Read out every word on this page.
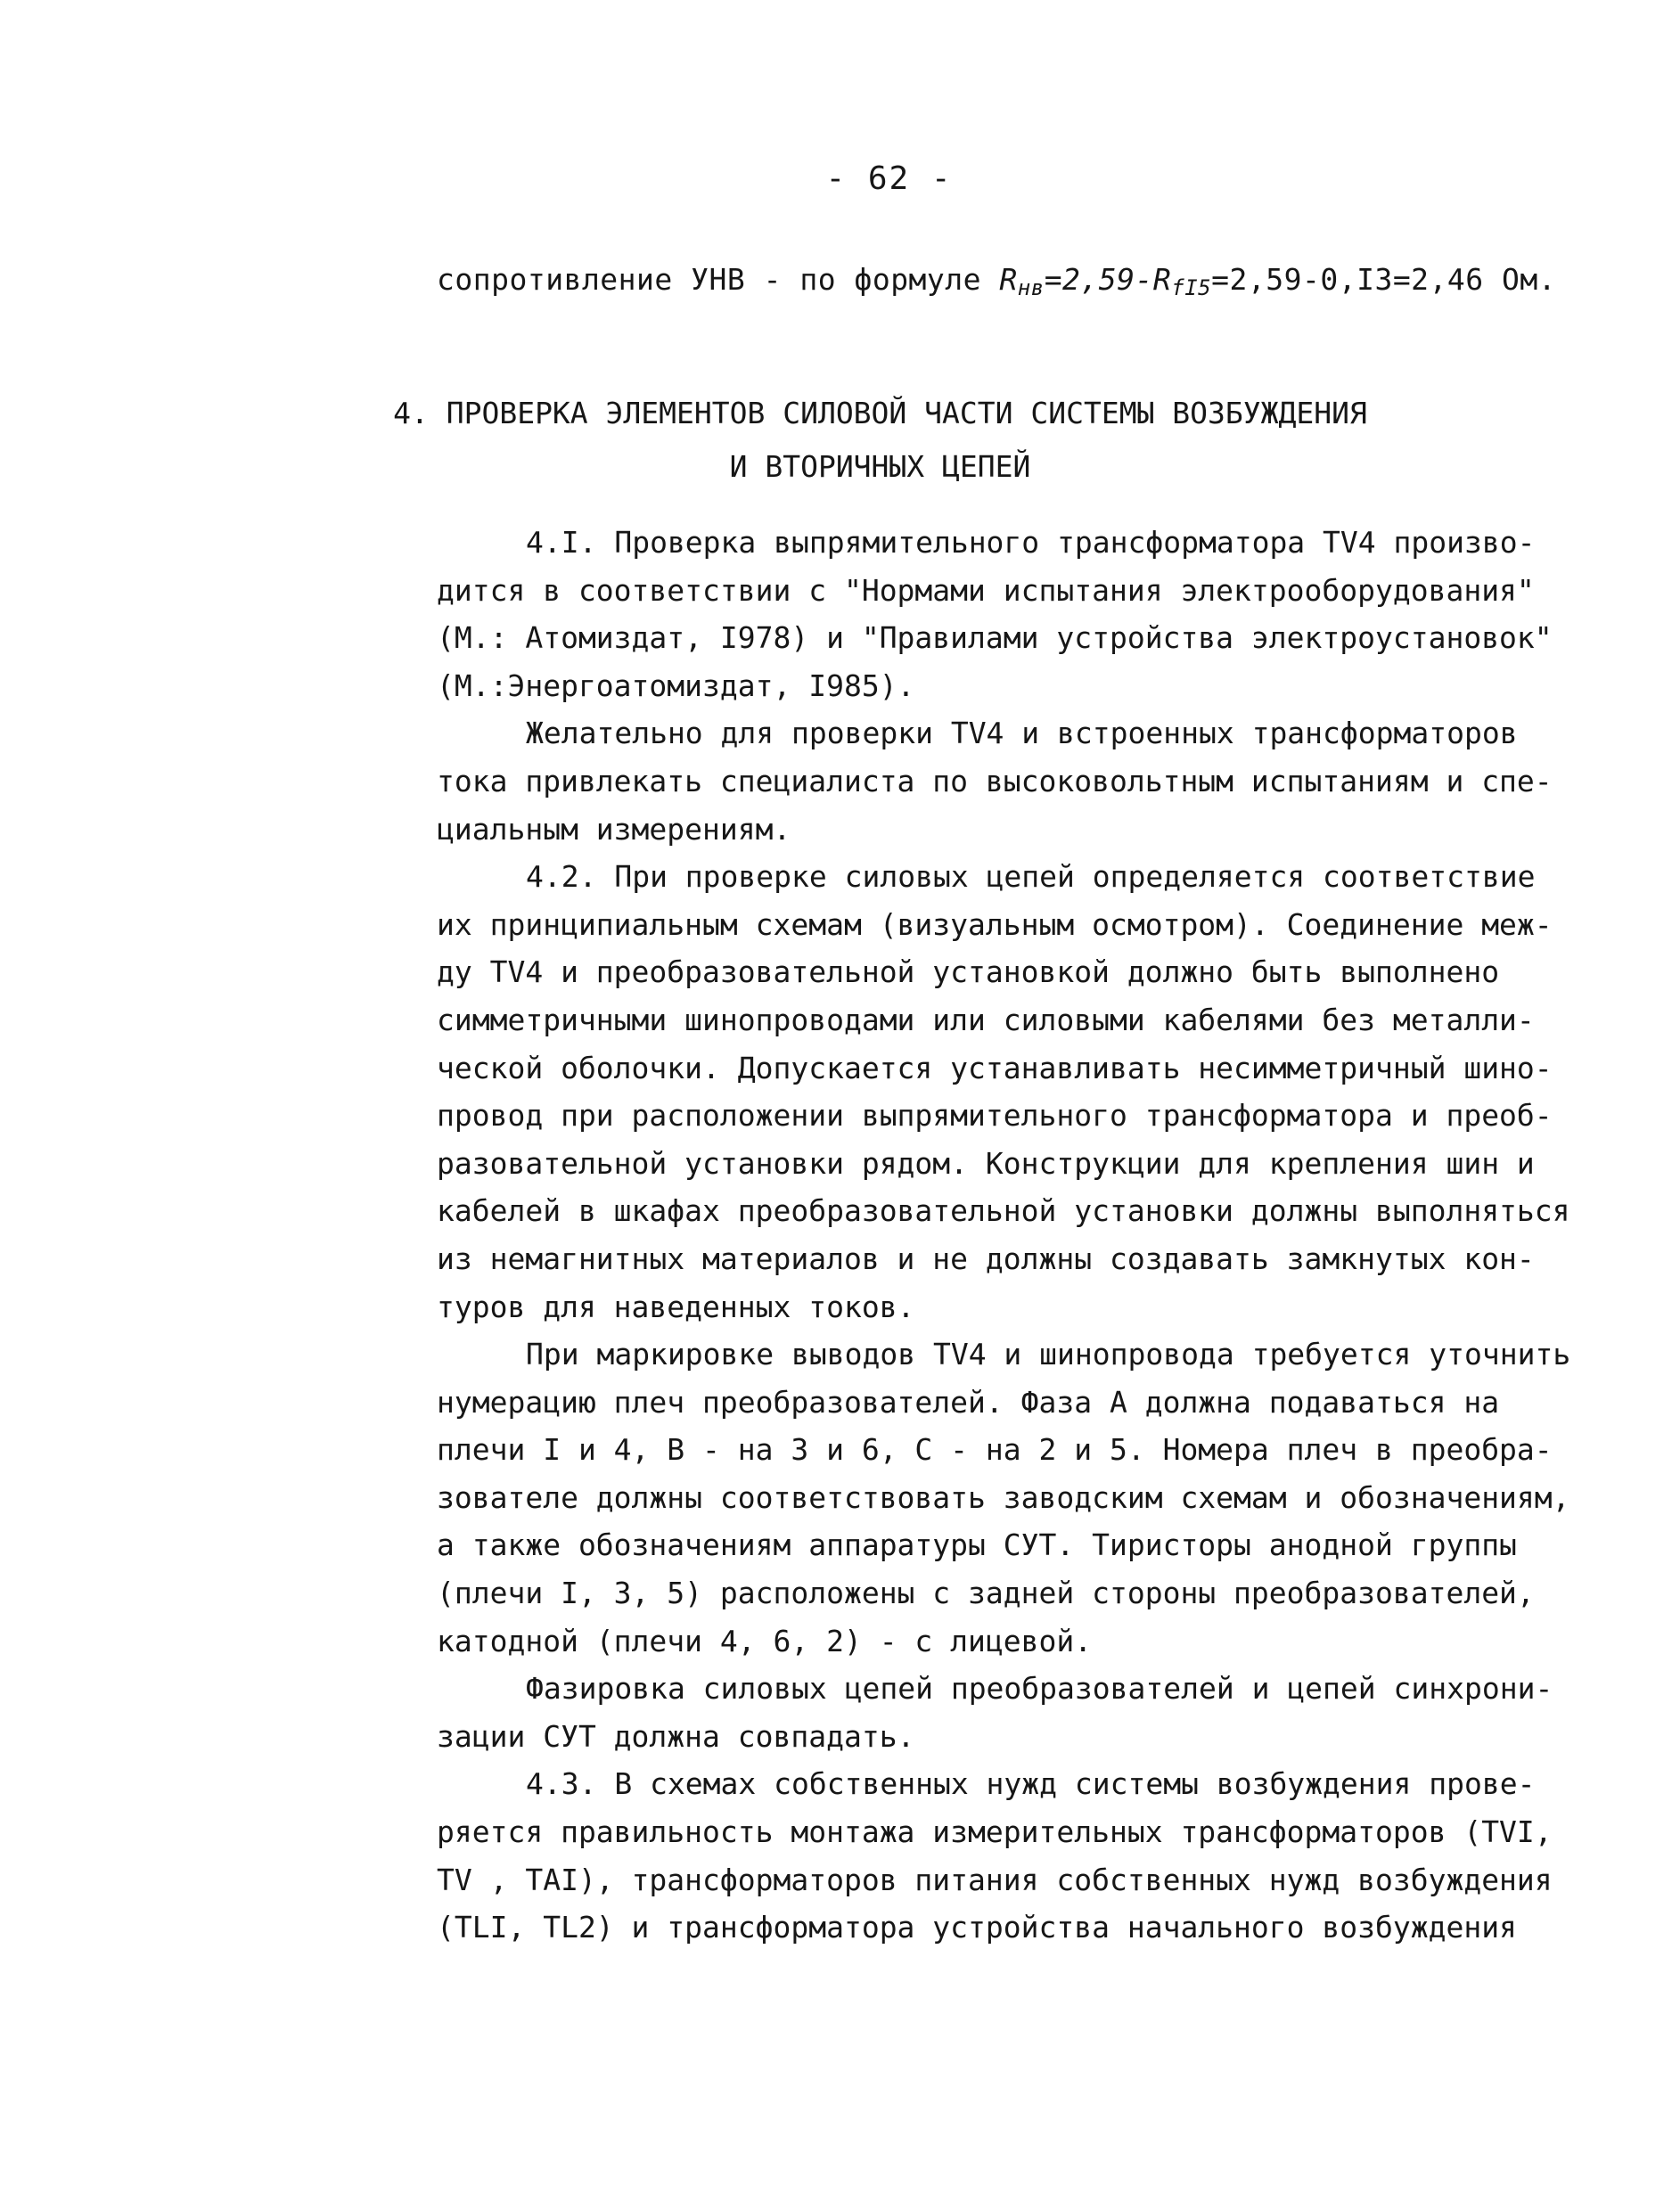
- 62 -
сопротивление УНВ - по формуле $R_{нв}=2,59-R_{fI5}=2,59-0,I3=2,46$ Ом.
4. ПРОВЕРКА ЭЛЕМЕНТОВ СИЛОВОЙ ЧАСТИ СИСТЕМЫ ВОЗБУЖДЕНИЯ
И ВТОРИЧНЫХ ЦЕПЕЙ
4.I. Проверка выпрямительного трансформатора TV4 произво-
дится в соответствии с "Нормами испытания электрооборудования"
(М.: Атомиздат, I978) и "Правилами устройства электроустановок"
(М.:Энергоатомиздат, I985).
Желательно для проверки TV4 и встроенных трансформаторов
тока привлекать специалиста по высоковольтным испытаниям и спе-
циальным измерениям.
4.2. При проверке силовых цепей определяется соответствие
их принципиальным схемам (визуальным осмотром). Соединение меж-
ду TV4 и преобразовательной установкой должно быть выполнено
симметричными шинопроводами или силовыми кабелями без металли-
ческой оболочки. Допускается устанавливать несимметричный шино-
провод при расположении выпрямительного трансформатора и преоб-
разовательной установки рядом. Конструкции для крепления шин и
кабелей в шкафах преобразовательной установки должны выполняться
из немагнитных материалов и не должны создавать замкнутых кон-
туров для наведенных токов.
При маркировке выводов TV4 и шинопровода требуется уточнить
нумерацию плеч преобразователей. Фаза А должна подаваться на
плечи I и 4, В - на 3 и 6, С - на 2 и 5. Номера плеч в преобра-
зователе должны соответствовать заводским схемам и обозначениям,
а также обозначениям аппаратуры СУТ. Тиристоры анодной группы
(плечи I, 3, 5) расположены с задней стороны преобразователей,
катодной (плечи 4, 6, 2) - с лицевой.
Фазировка силовых цепей преобразователей и цепей синхрони-
зации СУТ должна совпадать.
4.3. В схемах собственных нужд системы возбуждения прове-
ряется правильность монтажа измерительных трансформаторов (TVI,
TV , TAI), трансформаторов питания собственных нужд возбуждения
(TLI, TL2) и трансформатора устройства начального возбуждения
